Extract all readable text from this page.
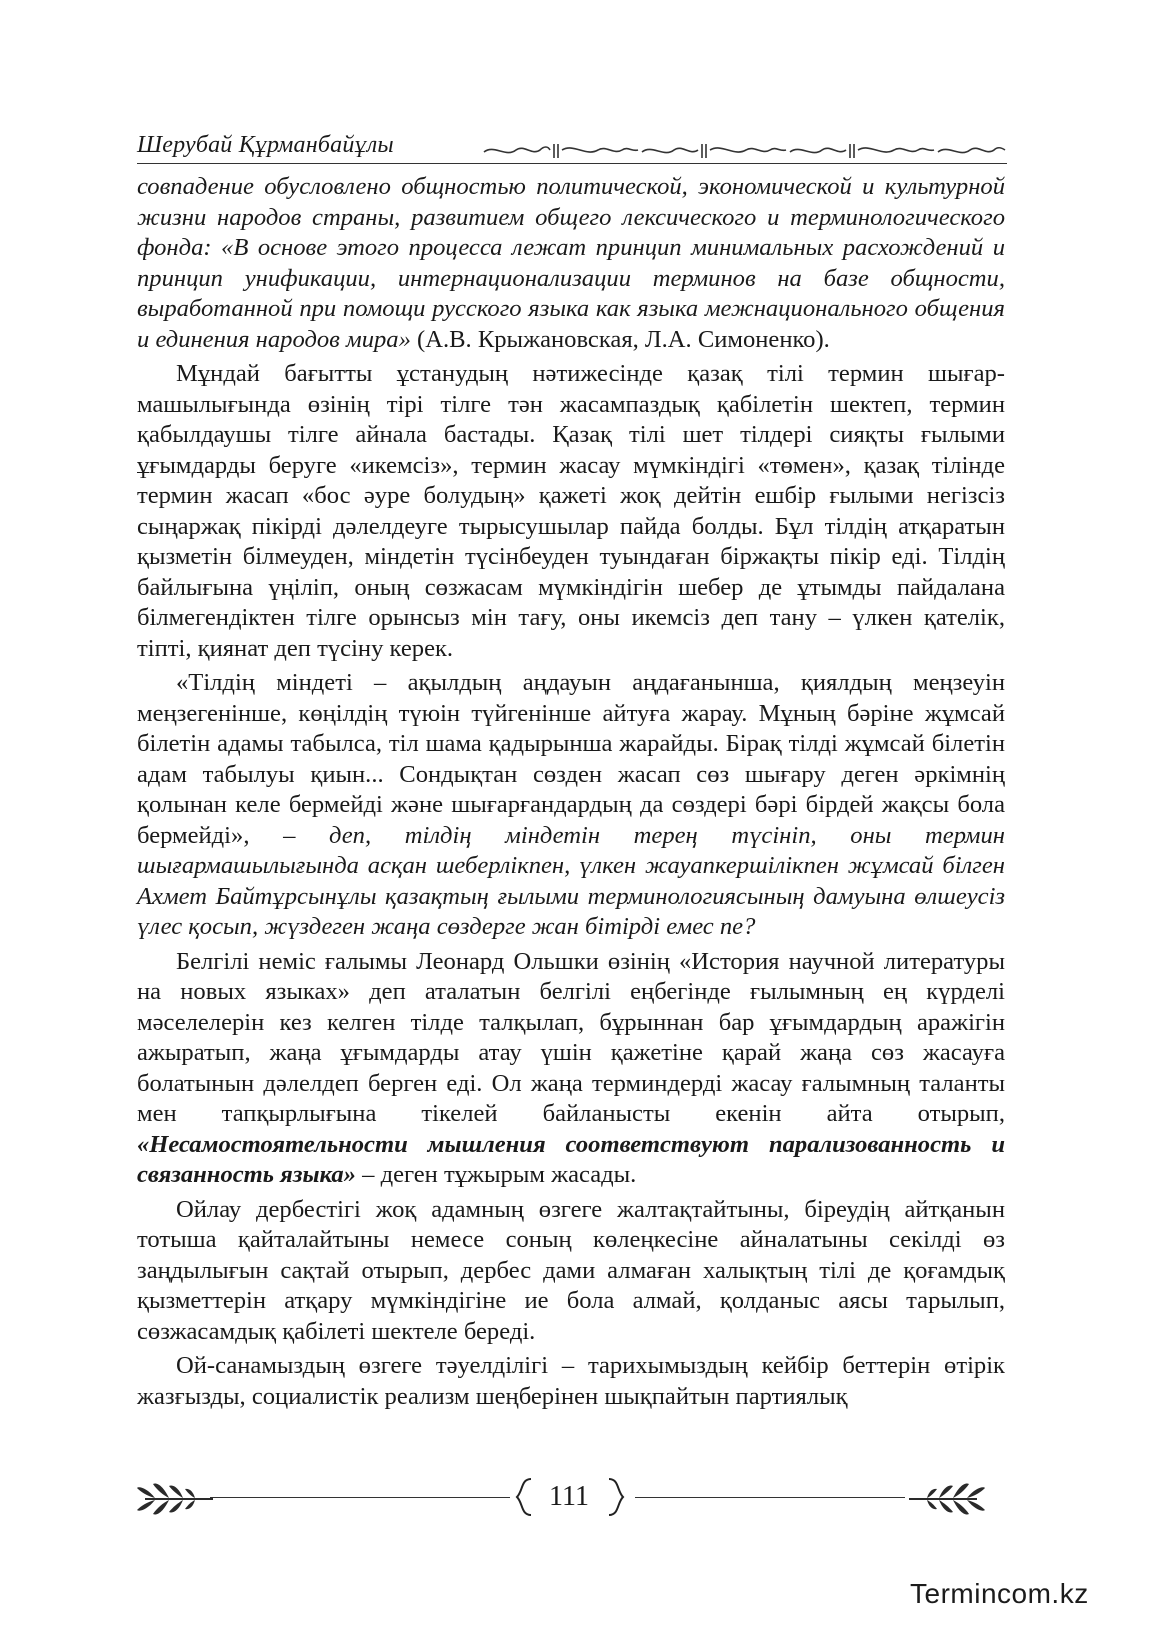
Шерубай Құрманбайұлы

совпадение обусловлено общностью политической, экономической и культурной жизни народов страны, развитием общего лексического и терминологического фонда: «В основе этого процесса лежат принцип минимальных расхождений и принцип унификации, интернационализации терминов на базе общности, выработанной при помощи русского языка как языка межнационального общения и единения народов мира» (А.В. Крыжановская, Л.А. Симоненко).

Мұндай бағытты ұстанудың нәтижесінде қазақ тілі термин шығармашылығында өзінің тірі тілге тән жасампаздық қабілетін шектеп, термин қабылдаушы тілге айнала бастады. Қазақ тілі шет тілдері сияқты ғылыми ұғымдарды беруге «икемсіз», термин жасау мүмкіндігі «төмен», қазақ тілінде термин жасап «бос әуре болудың» қажеті жоқ дейтін ешбір ғылыми негізсіз сыңаржақ пікірді дәлелдеуге тырысушылар пайда болды. Бұл тілдің атқаратын қызметін білмеуден, міндетін түсінбеуден туындаған біржақты пікір еді. Тілдің байлығына үңіліп, оның сөзжасам мүмкіндігін шебер де ұтымды пайдалана білмегендіктен тілге орынсыз мін тағу, оны икемсіз деп тану – үлкен қателік, тіпті, қиянат деп түсіну керек.

«Тілдің міндеті – ақылдың аңдауын аңдағанынша, қиялдың меңзеуін меңзегенінше, көңілдің түюін түйгенінше айтуға жарау. Мұның бәріне жұмсай білетін адамы табылса, тіл шама қадырынша жарайды. Бірақ тілді жұмсай білетін адам табылуы қиын... Сондықтан сөзден жасап сөз шығару деген әркімнің қолынан келе бермейді және шығарғандардың да сөздері бәрі бірдей жақсы бола бермейді», – деп, тілдің міндетін терең түсініп, оны термин шығармашылығында асқан шеберлікпен, үлкен жауапкершілікпен жұмсай білген Ахмет Байтұрсынұлы қазақтың ғылыми терминологиясының дамуына өлшеусіз үлес қосып, жүздеген жаңа сөздерге жан бітірді емес пе?

Белгілі неміс ғалымы Леонард Ольшки өзінің «История научной литературы на новых языках» деп аталатын белгілі еңбегінде ғылымның ең күрделі мәселелерін кез келген тілде талқылап, бұрыннан бар ұғымдардың аражігін ажыратып, жаңа ұғымдарды атау үшін қажетіне қарай жаңа сөз жасауға болатынын дәлелдеп берген еді. Ол жаңа терминдерді жасау ғалымның таланты мен тапқырлығына тікелей байланысты екенін айта отырып, «Несамостоятельности мышления соответствуют парализованность и связанность языка» – деген тұжырым жасады.

Ойлау дербестігі жоқ адамның өзгеге жалтақтайтыны, біреудің айтқанын тотыша қайталайтыны немесе соның көлеңкесіне айналатыны секілді өз заңдылығын сақтай отырып, дербес дами алмаған халықтың тілі де қоғамдық қызметтерін атқару мүмкіндігіне ие бола алмай, қолданыс аясы тарылып, сөзжасамдық қабілеті шектеле береді.

Ой-санамыздың өзгеге тәуелділігі – тарихымыздың кейбір беттерін өтірік жазғызды, социалистік реализм шеңберінен шықпайтын партиялық

111
Termincom.kz
